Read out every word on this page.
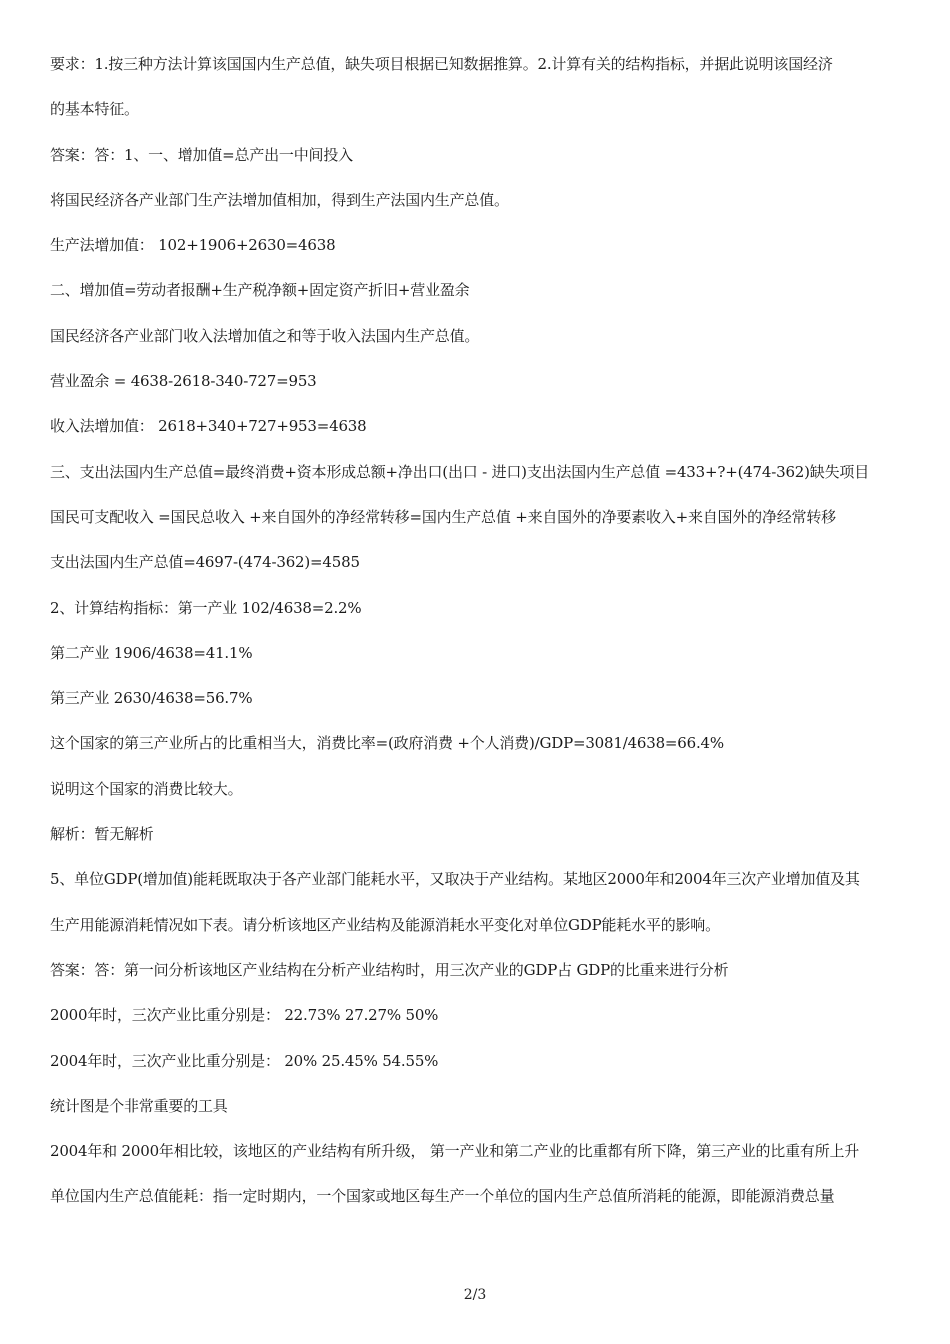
要求：1.按三种方法计算该国国内生产总值，缺失项目根据已知数据推算。2.计算有关的结构指标，并据此说明该国经济
的基本特征。
答案：答：1、一、增加值=总产出一中间投入
将国民经济各产业部门生产法增加值相加，得到生产法国内生产总值。
生产法增加值： 102+1906+2630=4638
二、增加值=劳动者报酬+生产税净额+固定资产折旧+营业盈余
国民经济各产业部门收入法增加值之和等于收入法国内生产总值。
营业盈余 = 4638-2618-340-727=953
收入法增加值： 2618+340+727+953=4638
三、支出法国内生产总值=最终消费+资本形成总额+净出口(出口 - 进口)支出法国内生产总值 =433+?+(474-362)缺失项目
国民可支配收入 =国民总收入 +来自国外的净经常转移=国内生产总值 +来自国外的净要素收入+来自国外的净经常转移
支出法国内生产总值=4697-(474-362)=4585
2、计算结构指标：第一产业 102/4638=2.2%
第二产业 1906/4638=41.1%
第三产业 2630/4638=56.7%
这个国家的第三产业所占的比重相当大，消费比率=(政府消费 +个人消费)/GDP=3081/4638=66.4%
说明这个国家的消费比较大。
解析：暂无解析
5、单位GDP(增加值)能耗既取决于各产业部门能耗水平，又取决于产业结构。某地区2000年和2004年三次产业增加值及其
生产用能源消耗情况如下表。请分析该地区产业结构及能源消耗水平变化对单位GDP能耗水平的影响。
答案：答：第一问分析该地区产业结构在分析产业结构时，用三次产业的GDP占 GDP的比重来进行分析
2000年时，三次产业比重分别是： 22.73% 27.27% 50%
2004年时，三次产业比重分别是： 20% 25.45% 54.55%
统计图是个非常重要的工具
2004年和 2000年相比较，该地区的产业结构有所升级， 第一产业和第二产业的比重都有所下降，第三产业的比重有所上升
单位国内生产总值能耗：指一定时期内，一个国家或地区每生产一个单位的国内生产总值所消耗的能源，即能源消费总量
2/3
